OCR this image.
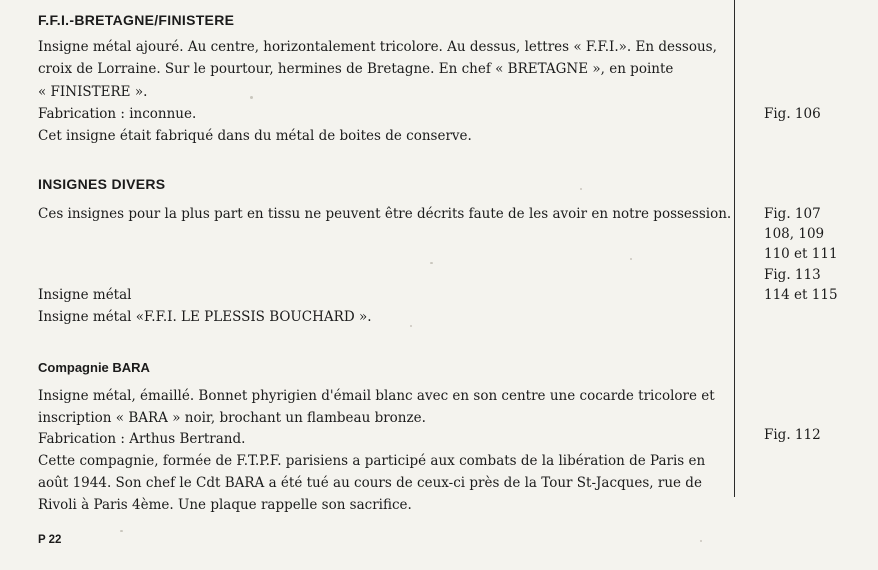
F.F.I.-BRETAGNE/FINISTERE
Insigne métal ajouré. Au centre, horizontalement tricolore. Au dessus, lettres « F.F.I.». En dessous,
croix de Lorraine. Sur le pourtour, hermines de Bretagne. En chef « BRETAGNE », en pointe
« FINISTERE ».
Fabrication : inconnue.
Cet insigne était fabriqué dans du métal de boites de conserve.
Fig. 106
INSIGNES DIVERS
Ces insignes pour la plus part en tissu ne peuvent être décrits faute de les avoir en notre possession.
Insigne métal
Insigne métal «F.F.I. LE PLESSIS BOUCHARD ».
Fig. 107
108, 109
110 et 111
Fig. 113
114 et 115
Compagnie BARA
Insigne métal, émaillé. Bonnet phyrigien d'émail blanc avec en son centre une cocarde tricolore et
inscription « BARA » noir, brochant un flambeau bronze.
Fabrication : Arthus Bertrand.
Cette compagnie, formée de F.T.P.F. parisiens a participé aux combats de la libération de Paris en
août 1944. Son chef le Cdt BARA a été tué au cours de ceux-ci près de la Tour St-Jacques, rue de
Rivoli à Paris 4ème. Une plaque rappelle son sacrifice.
Fig. 112
P 22
